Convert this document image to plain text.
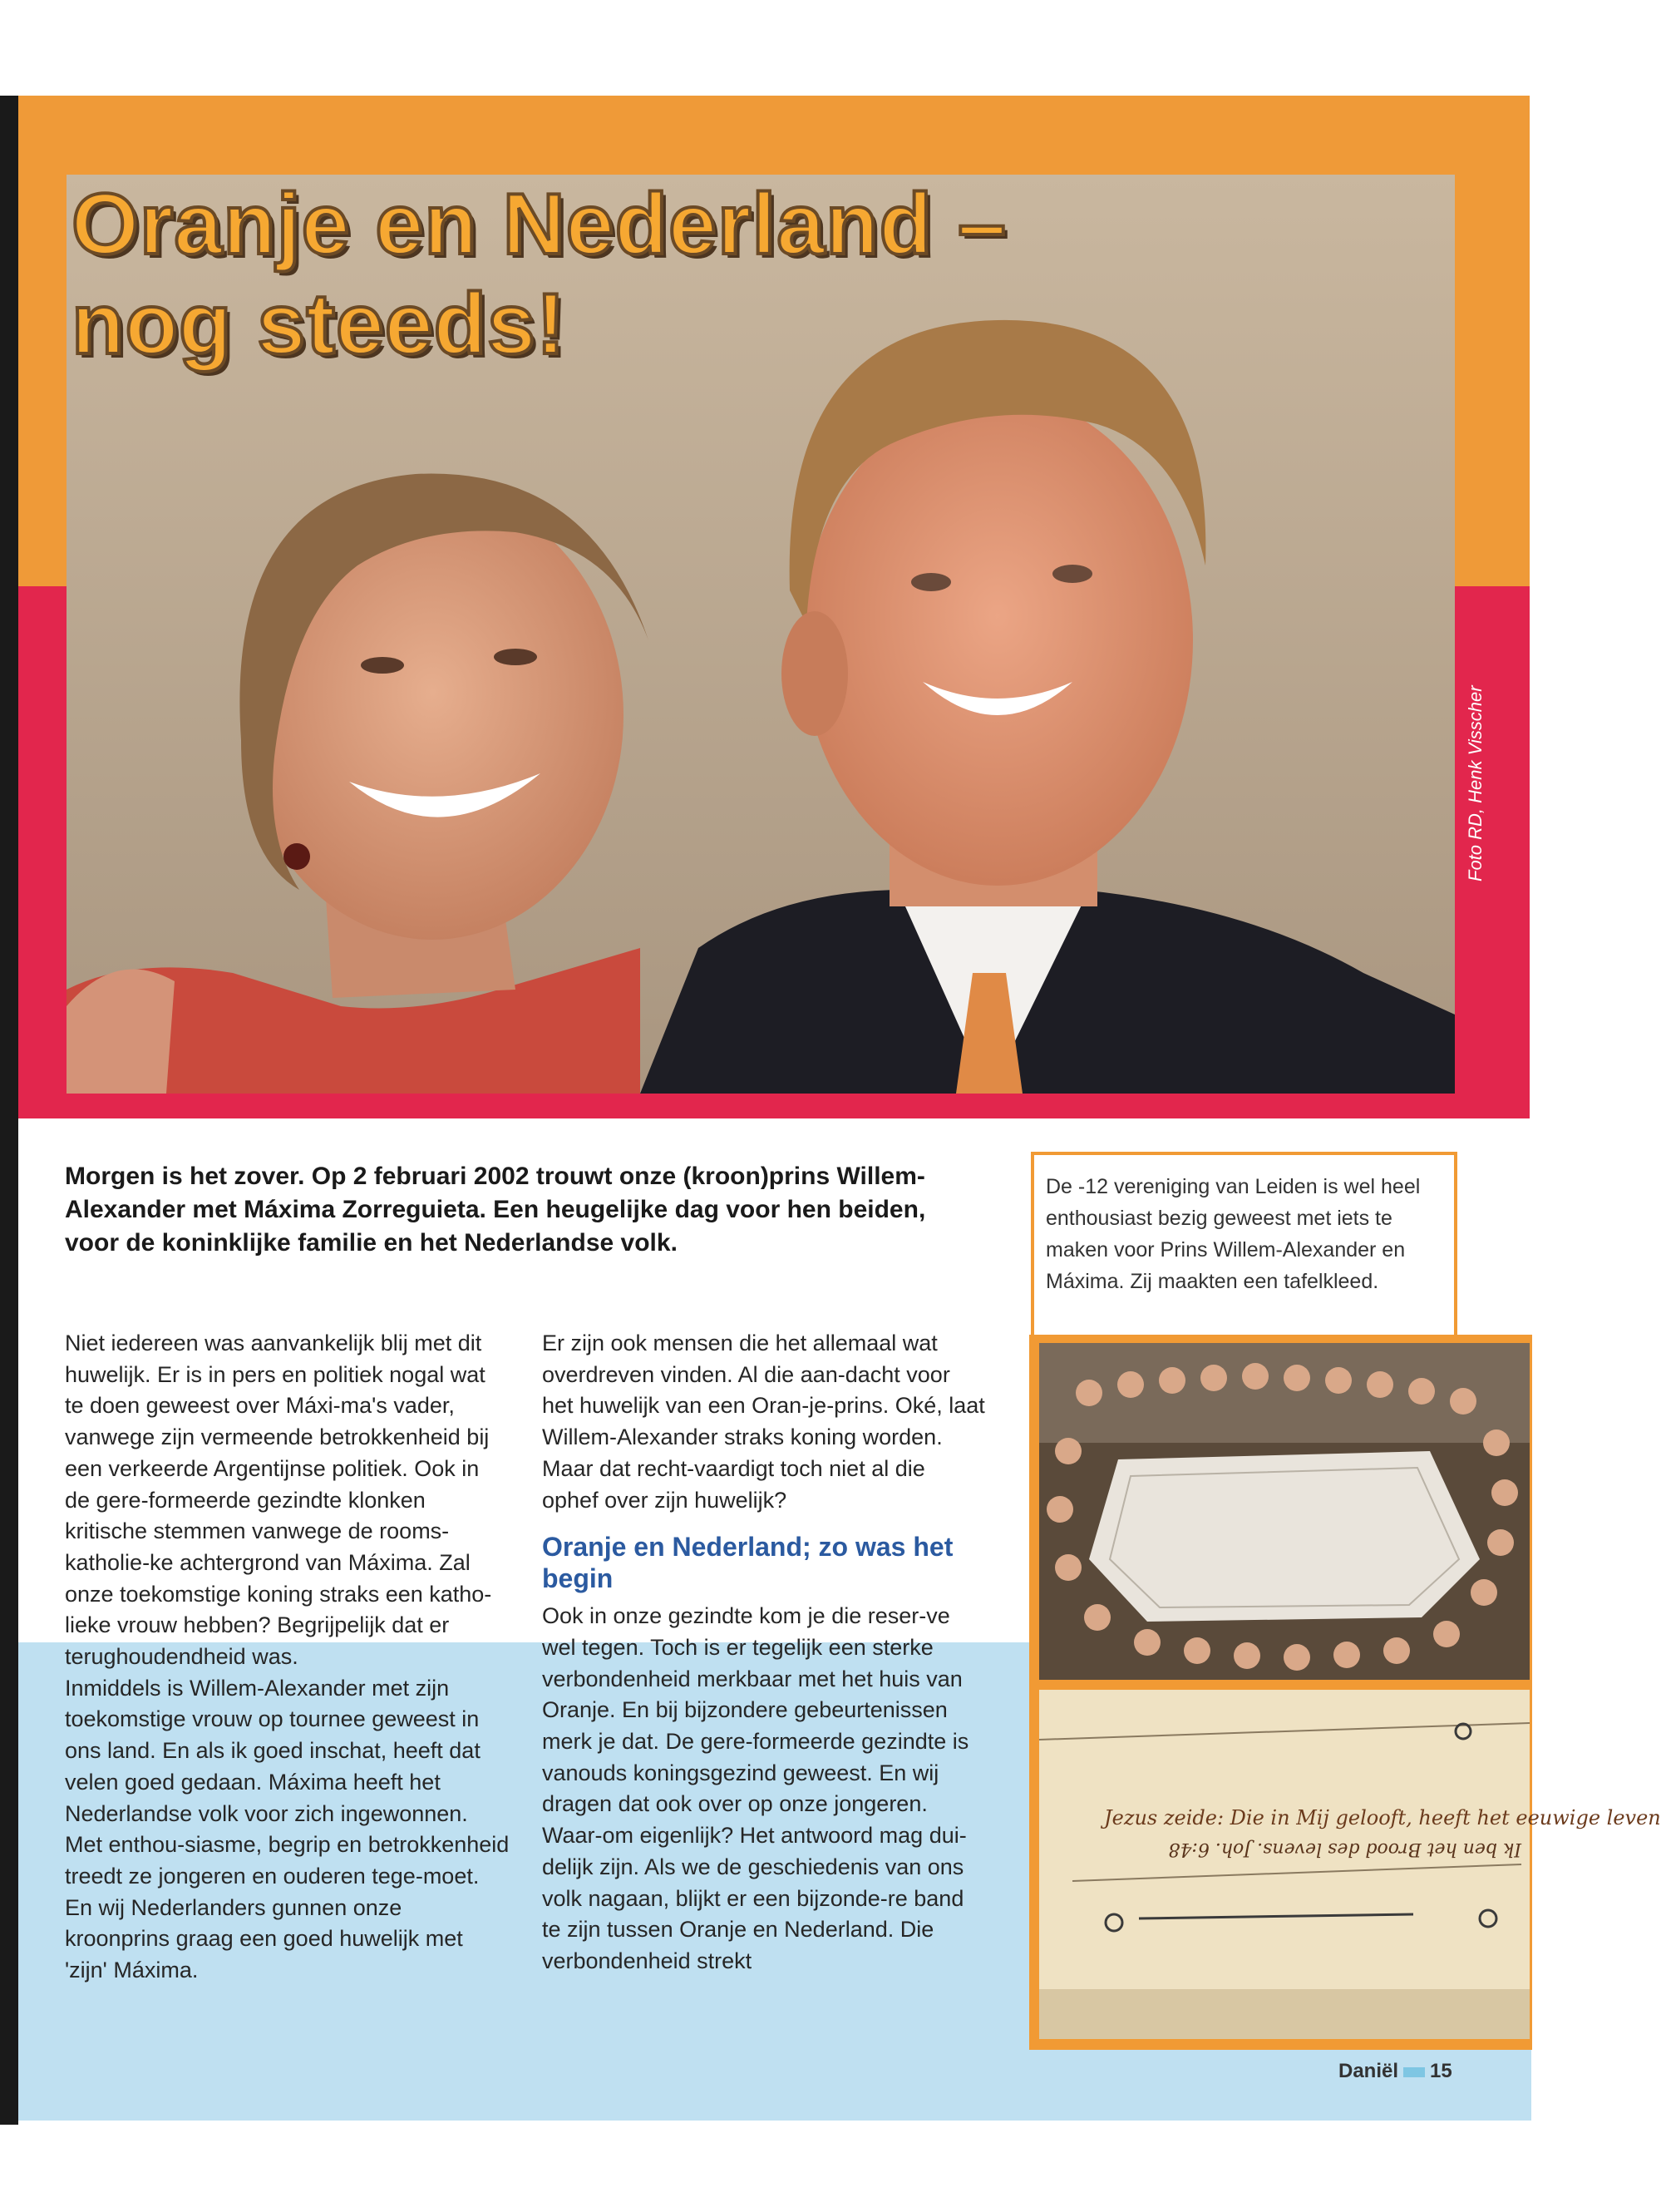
Oranje en Nederland –
nog steeds!
Foto RD, Henk Visscher
Morgen is het zover. Op 2 februari 2002 trouwt onze (kroon)prins Willem-Alexander met Máxima Zorreguieta. Een heugelijke dag voor hen beiden, voor de koninklijke familie en het Nederlandse volk.

Niet iedereen was aanvankelijk blij met dit huwelijk. Er is in pers en politiek nogal wat te doen geweest over Máxi-ma's vader, vanwege zijn vermeende betrokkenheid bij een verkeerde Argentijnse politiek. Ook in de gere-formeerde gezindte klonken kritische stemmen vanwege de rooms-katholie-ke achtergrond van Máxima. Zal onze toekomstige koning straks een katho-lieke vrouw hebben? Begrijpelijk dat er terughoudendheid was.

Inmiddels is Willem-Alexander met zijn toekomstige vrouw op tournee geweest in ons land. En als ik goed inschat, heeft dat velen goed gedaan. Máxima heeft het Nederlandse volk voor zich ingewonnen. Met enthou-siasme, begrip en betrokkenheid treedt ze jongeren en ouderen tege-moet. En wij Nederlanders gunnen onze kroonprins graag een goed huwelijk met 'zijn' Máxima.

Er zijn ook mensen die het allemaal wat overdreven vinden. Al die aan-dacht voor het huwelijk van een Oran-je-prins. Oké, laat Willem-Alexander straks koning worden. Maar dat recht-vaardigt toch niet al die ophef over zijn huwelijk?

Oranje en Nederland; zo was het begin

Ook in onze gezindte kom je die reser-ve wel tegen. Toch is er tegelijk een sterke verbondenheid merkbaar met het huis van Oranje. En bij bijzondere gebeurtenissen merk je dat. De gere-formeerde gezindte is vanouds koningsgezind geweest. En wij dragen dat ook over op onze jongeren. Waar-om eigenlijk? Het antwoord mag dui-delijk zijn. Als we de geschiedenis van ons volk nagaan, blijkt er een bijzonde-re band te zijn tussen Oranje en Nederland. Die verbondenheid strekt

De -12 vereniging van Leiden is wel heel enthousiast bezig geweest met iets te maken voor Prins Willem-Alexander en Máxima. Zij maakten een tafelkleed.
Jezus zeide: Die in Mij gelooft, heeft het eeuwige leven
Ik ben het Brood des levens. Joh. 6:48
Daniël 15
